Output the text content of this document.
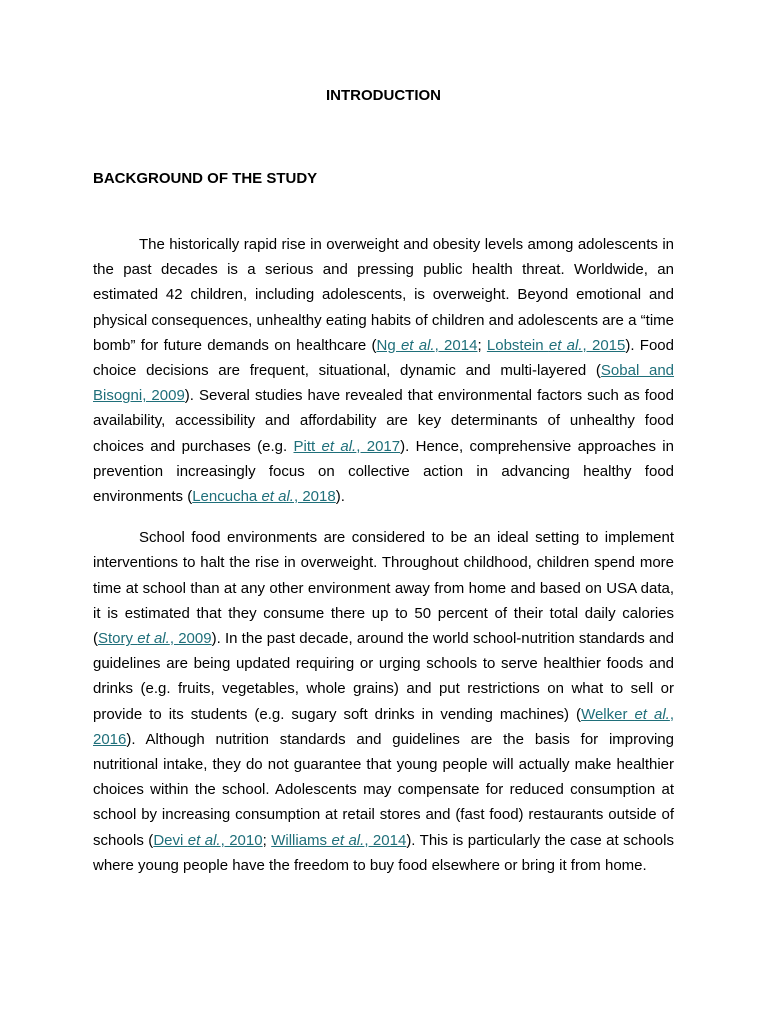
INTRODUCTION
BACKGROUND OF THE STUDY

The historically rapid rise in overweight and obesity levels among adolescents in the past decades is a serious and pressing public health threat. Worldwide, an estimated 42 children, including adolescents, is overweight. Beyond emotional and physical consequences, unhealthy eating habits of children and adolescents are a “time bomb” for future demands on healthcare (Ng et al., 2014; Lobstein et al., 2015). Food choice decisions are frequent, situational, dynamic and multi-layered (Sobal and Bisogni, 2009). Several studies have revealed that environmental factors such as food availability, accessibility and affordability are key determinants of unhealthy food choices and purchases (e.g. Pitt et al., 2017). Hence, comprehensive approaches in prevention increasingly focus on collective action in advancing healthy food environments (Lencucha et al., 2018).

School food environments are considered to be an ideal setting to implement interventions to halt the rise in overweight. Throughout childhood, children spend more time at school than at any other environment away from home and based on USA data, it is estimated that they consume there up to 50 percent of their total daily calories (Story et al., 2009). In the past decade, around the world school-nutrition standards and guidelines are being updated requiring or urging schools to serve healthier foods and drinks (e.g. fruits, vegetables, whole grains) and put restrictions on what to sell or provide to its students (e.g. sugary soft drinks in vending machines) (Welker et al., 2016). Although nutrition standards and guidelines are the basis for improving nutritional intake, they do not guarantee that young people will actually make healthier choices within the school. Adolescents may compensate for reduced consumption at school by increasing consumption at retail stores and (fast food) restaurants outside of schools (Devi et al., 2010; Williams et al., 2014). This is particularly the case at schools where young people have the freedom to buy food elsewhere or bring it from home.
